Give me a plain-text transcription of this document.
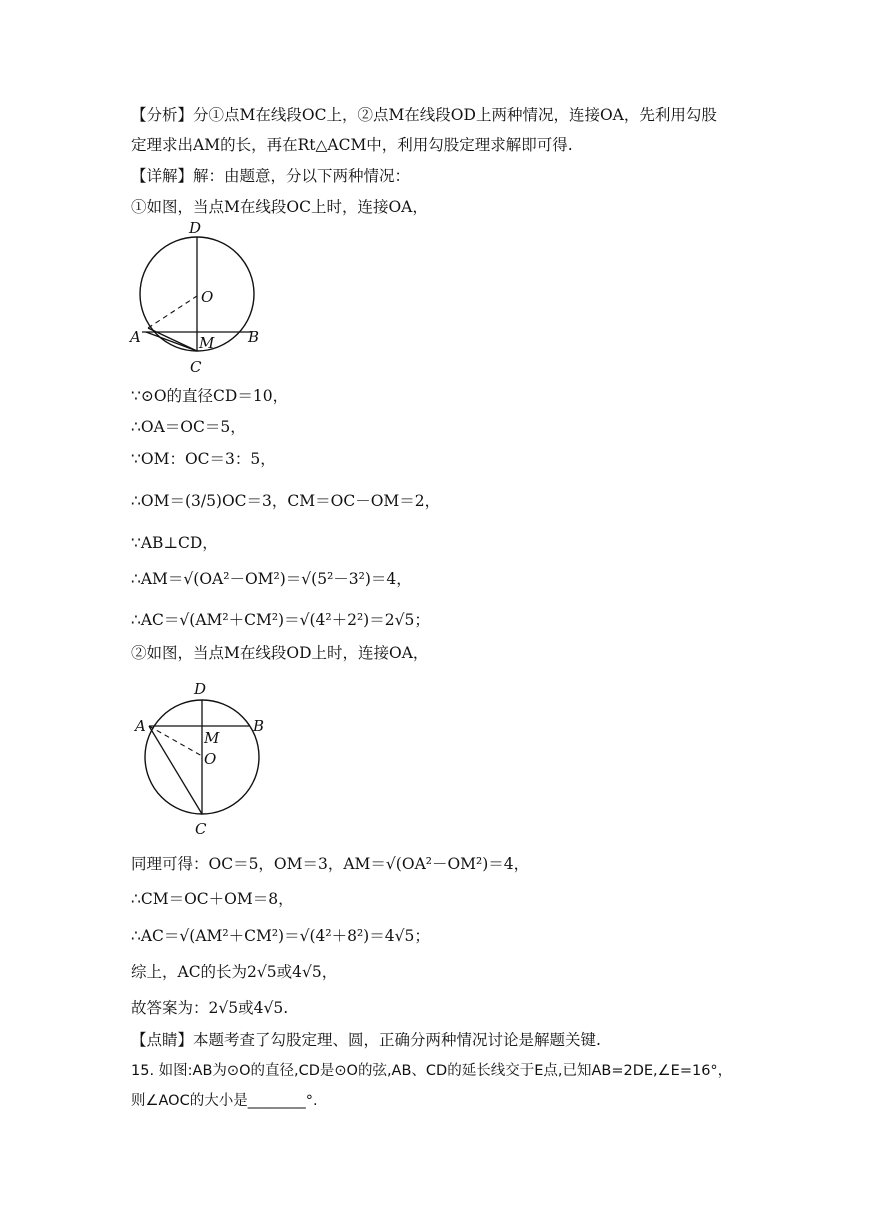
【分析】分①点M在线段OC上，②点M在线段OD上两种情况，连接OA，先利用勾股
定理求出AM的长，再在Rt△ACM中，利用勾股定理求解即可得.
【详解】解：由题意，分以下两种情况：
①如图，当点M在线段OC上时，连接OA，
D
O
A	B
M
C
∵⊙O的直径CD＝10，
∴OA＝OC＝5，
∵OM：OC＝3：5，
∴OM＝(3/5)OC＝3，CM＝OC－OM＝2，
∵AB⊥CD，
∴AM＝√(OA²－OM²)＝√(5²－3²)＝4，
∴AC＝√(AM²＋CM²)＝√(4²＋2²)＝2√5；
②如图，当点M在线段OD上时，连接OA，
D
A	B
M
O
C
同理可得：OC＝5，OM＝3，AM＝√(OA²－OM²)＝4，
∴CM＝OC＋OM＝8，
∴AC＝√(AM²＋CM²)＝√(4²＋8²)＝4√5；
综上，AC的长为2√5或4√5，
故答案为：2√5或4√5.
【点睛】本题考查了勾股定理、圆，正确分两种情况讨论是解题关键.
15. 如图:AB为⊙O的直径,CD是⊙O的弦,AB、CD的延长线交于E点,已知AB=2DE,∠E=16°，
则∠AOC的大小是________°.
